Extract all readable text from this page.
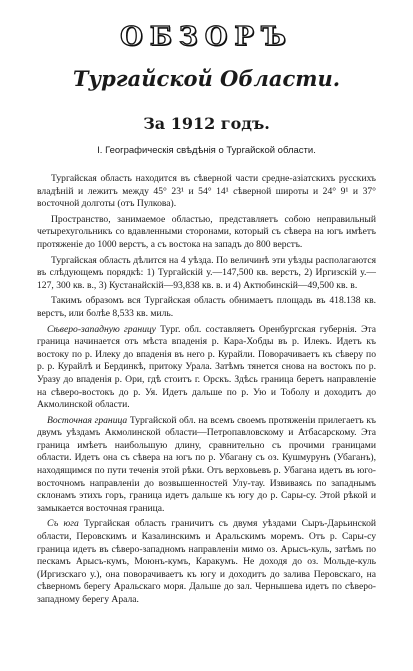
ОБЗОРЪ
Тургайской Области.
За 1912 годъ.
I. Географическія свѣдѣнія о Тургайской области.

Тургайская область находится въ сѣверной части средне-азіатскихъ русскихъ владѣній и лежитъ между 45° 23¹ и 54° 14¹ сѣверной широты и 24° 9¹ и 37° восточной долготы (отъ Пулкова).

Пространство, занимаемое областью, представляетъ собою неправильный четырехугольникъ со вдавленными сторонами, который съ сѣвера на югъ имѣетъ протяженіе до 1000 верстъ, а съ востока на западъ до 800 верстъ.

Тургайская область дѣлится на 4 уѣзда. По величинѣ эти уѣзды располагаются въ слѣдующемъ порядкѣ: 1) Тургайскій у.—147,500 кв. верстъ, 2) Иргизскій у.—127, 300 кв. в., 3) Кустанайскій—93,838 кв. в. и 4) Актюбинскій—49,500 кв. в.

Такимъ образомъ вся Тургайская область обнимаетъ площадь въ 418.138 кв. верстъ, или болѣе 8,533 кв. миль.

Сѣверо-западную границу Тург. обл. составляетъ Оренбургская губернія. Эта граница начинается отъ мѣста впаденія р. Кара-Хобды въ р. Илекъ. Идетъ къ востоку по р. Илеку до впаденія въ него р. Курайли. Поворачиваетъ къ сѣверу по р. р. Курайлѣ и Бердинкѣ, притоку Урала. Затѣмъ тянется снова на востокъ по р. Уразу до впаденія р. Ори, гдѣ стоитъ г. Орскъ. Здѣсь граница беретъ направленіе на сѣверо-востокъ до р. Уя. Идетъ дальше по р. Ую и Тоболу и доходитъ до Акмолинской области.

Восточная граница Тургайской обл. на всемъ своемъ протяженіи прилегаетъ къ двумъ уѣздамъ Акмолинской области—Петропавловскому и Атбасарскому. Эта граница имѣетъ наибольшую длину, сравнительно съ прочими границами области. Идетъ она съ сѣвера на югъ по р. Убагану съ оз. Кушмурунъ (Убаганъ), находящимся по пути теченія этой рѣки. Отъ верховьевъ р. Убагана идетъ въ юго-восточномъ направленіи до возвышенностей Улу-тау. Извиваясь по западнымъ склонамъ этихъ горъ, граница идетъ дальше къ югу до р. Сары-су. Этой рѣкой и замыкается восточная граница.

Съ юга Тургайская область граничитъ съ двумя уѣздами Сыръ-Дарьинской области, Перовскимъ и Казалинскимъ и Аральскимъ моремъ. Отъ р. Сары-су граница идетъ въ сѣверо-западномъ направленіи мимо оз. Арысъ-куль, затѣмъ по пескамъ Арысъ-кумъ, Моюнъ-кумъ, Каракумъ. Не доходя до оз. Мольде-куль (Иргизскаго у.), она поворачиваетъ къ югу и доходитъ до залива Перовскаго, на сѣверномъ берегу Аральскаго моря. Дальше до зал. Чернышева идетъ по сѣверо-западному берегу Арала.
